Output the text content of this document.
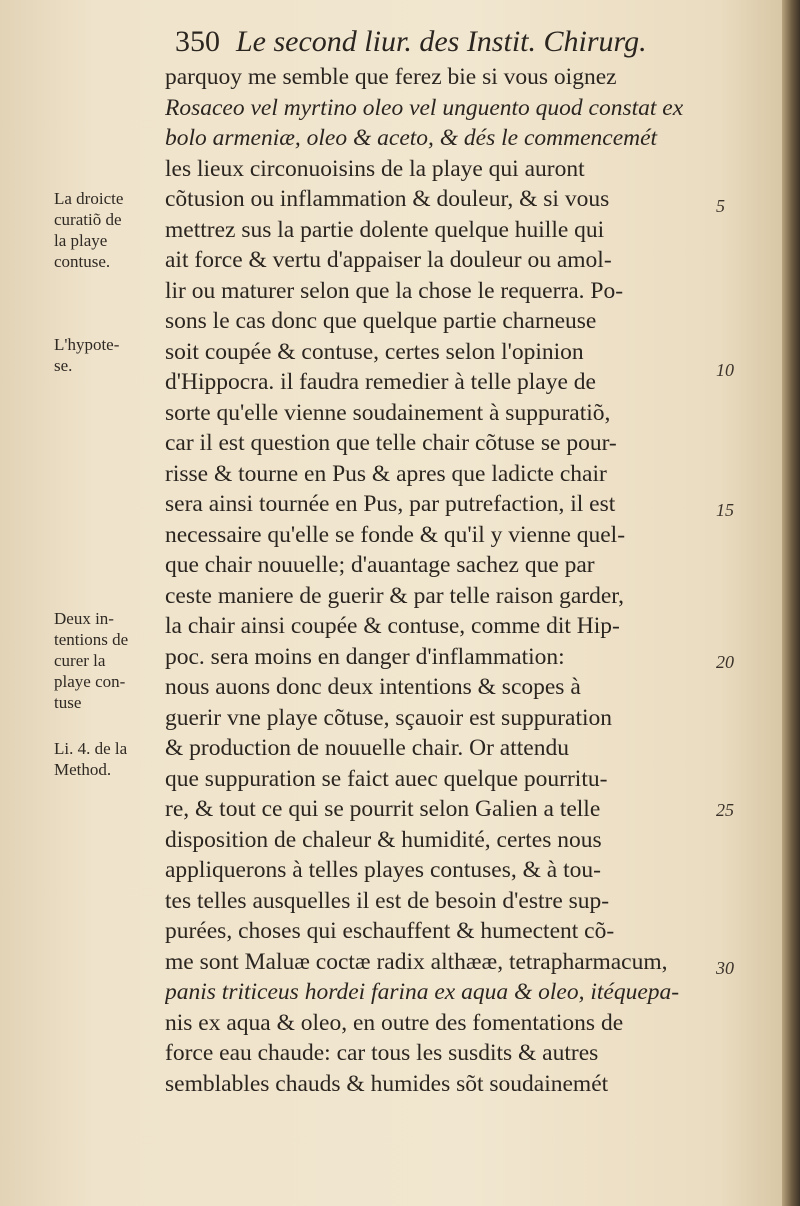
350 Le second liur. des Instit. Chirurg.
parquoy me semble que ferez bie si vous oignez
Rosaceo vel myrtino oleo vel unguento quod constat ex
bolo armeniæ, oleo & aceto, & dés le commencemét
les lieux circonuoisins de la playe qui auront
cõtusion ou inflammation & douleur, & si vous
mettrez sus la partie dolente quelque huille qui
ait force & vertu d'appaiser la douleur ou amol-
lir ou maturer selon que la chose le requerra. Po-
sons le cas donc que quelque partie charneuse
soit coupée & contuse, certes selon l'opinion
d'Hippocra. il faudra remedier à telle playe de
sorte qu'elle vienne soudainement à suppuratiõ,
car il est question que telle chair cõtuse se pour-
risse & tourne en Pus & apres que ladicte chair
sera ainsi tournée en Pus, par putrefaction, il est
necessaire qu'elle se fonde & qu'il y vienne quel-
que chair nouuelle; d'auantage sachez que par
ceste maniere de guerir & par telle raison garder,
la chair ainsi coupée & contuse, comme dit Hip-
poc. sera moins en danger d'inflammation:
nous auons donc deux intentions & scopes à
guerir vne playe cõtuse, sçauoir est suppuration
& production de nouuelle chair. Or attendu
que suppuration se faict auec quelque pourritu-
re, & tout ce qui se pourrit selon Galien a telle
disposition de chaleur & humidité, certes nous
appliquerons à telles playes contuses, & à tou-
tes telles ausquelles il est de besoin d'estre sup-
purées, choses qui eschauffent & humectent cõ-
me sont Maluæ coctæ radix althææ, tetrapharmacum,
panis triticeus hordei farina ex aqua & oleo, itéquepa-
nis ex aqua & oleo, en outre des fomentations de
force eau chaude: car tous les susdits & autres
semblables chauds & humides sõt soudainemét
La droicte
curatiõ de
la playe
contuse.
L'hypote-
se.
Deux in-
tentions de
curer la
playe con-
tuse
Li. 4. de la
Method.
5
10
15
20
25
30
